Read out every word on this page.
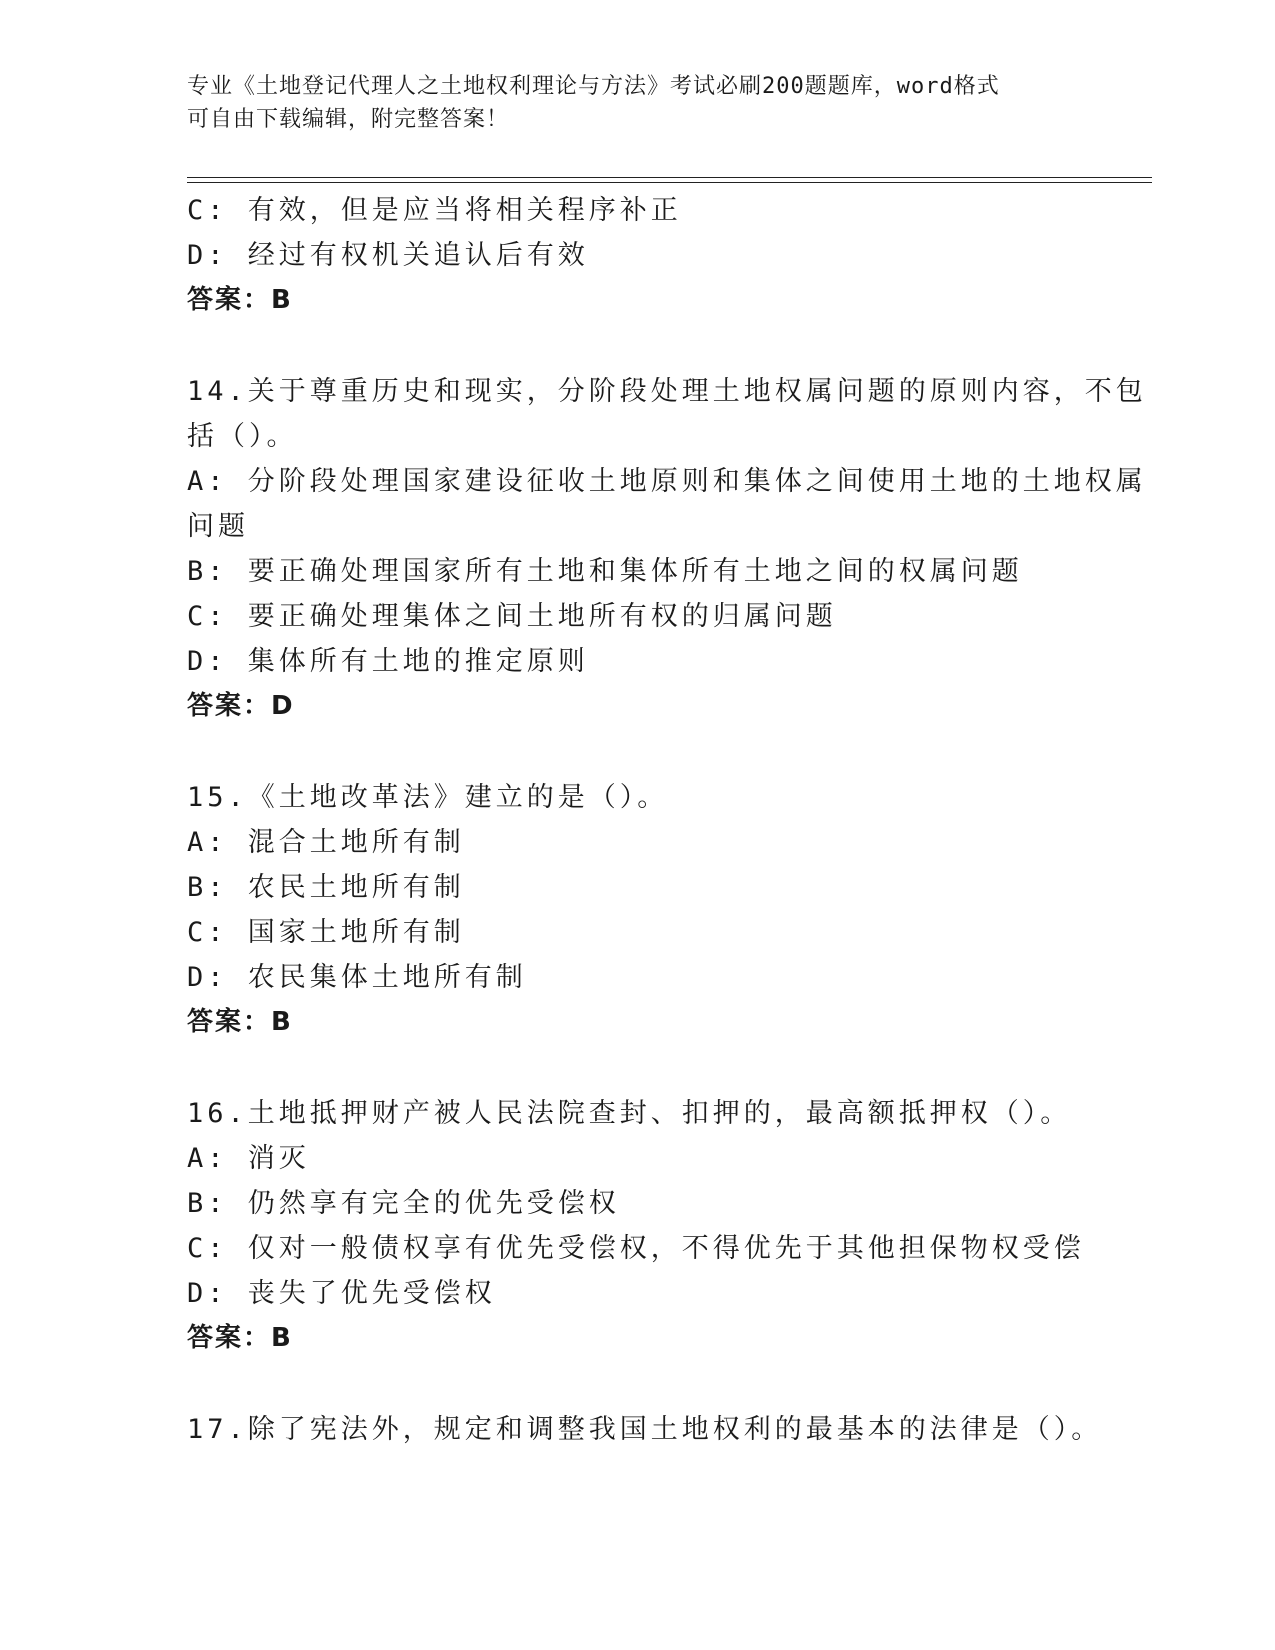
专业《土地登记代理人之土地权利理论与方法》考试必刷200题题库，word格式
可自由下载编辑，附完整答案！
C: 有效，但是应当将相关程序补正
D: 经过有权机关追认后有效
答案：B
14.关于尊重历史和现实，分阶段处理土地权属问题的原则内容，不包
括（）。
A: 分阶段处理国家建设征收土地原则和集体之间使用土地的土地权属
问题
B: 要正确处理国家所有土地和集体所有土地之间的权属问题
C: 要正确处理集体之间土地所有权的归属问题
D: 集体所有土地的推定原则
答案：D
15.《土地改革法》建立的是（）。
A: 混合土地所有制
B: 农民土地所有制
C: 国家土地所有制
D: 农民集体土地所有制
答案：B
16.土地抵押财产被人民法院查封、扣押的，最高额抵押权（）。
A: 消灭
B: 仍然享有完全的优先受偿权
C: 仅对一般债权享有优先受偿权，不得优先于其他担保物权受偿
D: 丧失了优先受偿权
答案：B
17.除了宪法外，规定和调整我国土地权利的最基本的法律是（）。
